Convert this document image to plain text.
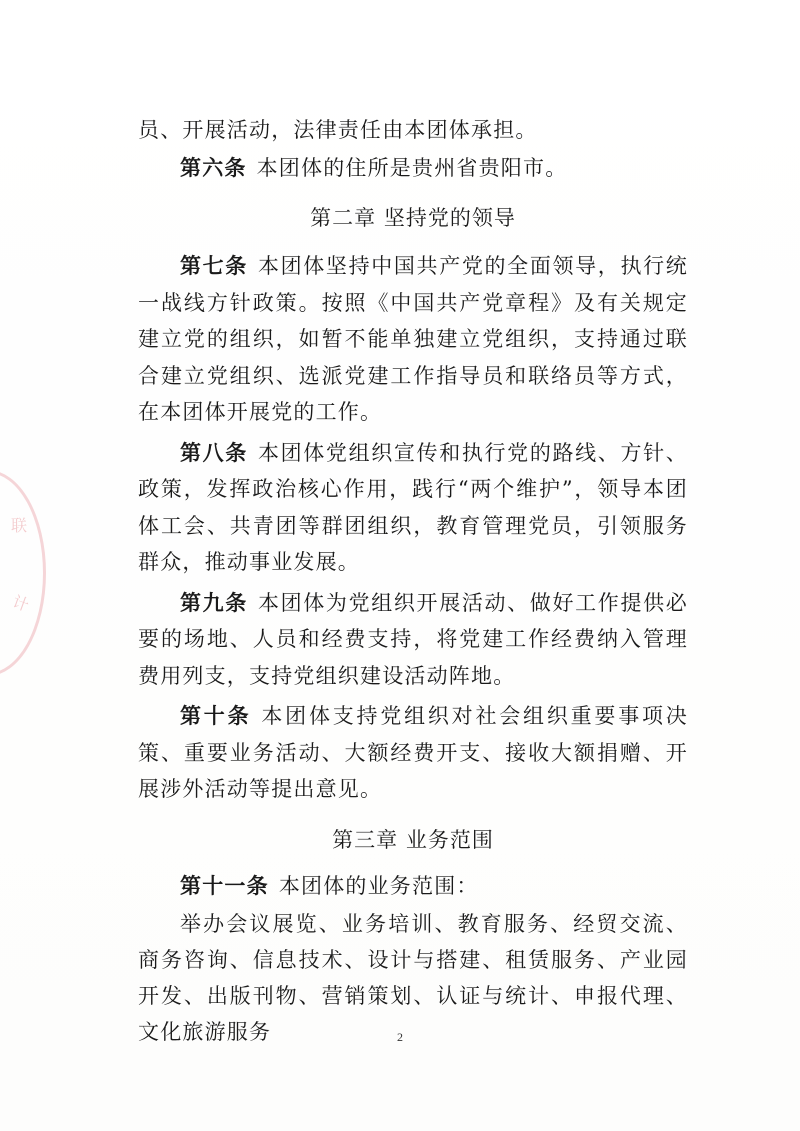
联
计

员、开展活动，法律责任由本团体承担。

第六条 本团体的住所是贵州省贵阳市。

第二章 坚持党的领导

第七条 本团体坚持中国共产党的全面领导，执行统一战线方针政策。按照《中国共产党章程》及有关规定建立党的组织，如暂不能单独建立党组织，支持通过联合建立党组织、选派党建工作指导员和联络员等方式，在本团体开展党的工作。

第八条 本团体党组织宣传和执行党的路线、方针、政策，发挥政治核心作用，践行“两个维护”，领导本团体工会、共青团等群团组织，教育管理党员，引领服务群众，推动事业发展。

第九条 本团体为党组织开展活动、做好工作提供必要的场地、人员和经费支持，将党建工作经费纳入管理费用列支，支持党组织建设活动阵地。

第十条 本团体支持党组织对社会组织重要事项决策、重要业务活动、大额经费开支、接收大额捐赠、开展涉外活动等提出意见。

第三章 业务范围

第十一条 本团体的业务范围：

举办会议展览、业务培训、教育服务、经贸交流、商务咨询、信息技术、设计与搭建、租赁服务、产业园开发、出版刊物、营销策划、认证与统计、申报代理、文化旅游服务	2
